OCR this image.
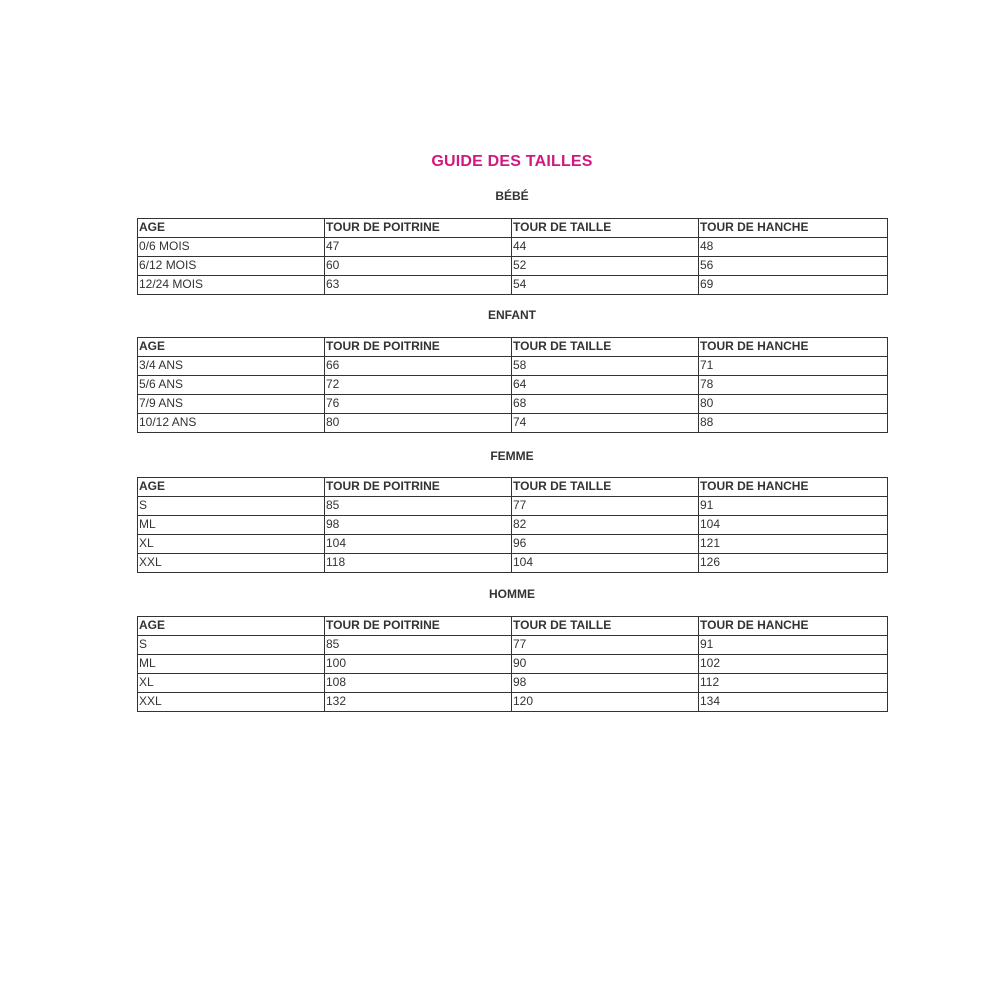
GUIDE DES TAILLES
BÉBÉ
AGE	TOUR DE POITRINE	TOUR DE TAILLE	TOUR DE HANCHE
0/6 MOIS	47	44	48
6/12 MOIS	60	52	56
12/24 MOIS	63	54	69
ENFANT
AGE	TOUR DE POITRINE	TOUR DE TAILLE	TOUR DE HANCHE
3/4 ANS	66	58	71
5/6 ANS	72	64	78
7/9 ANS	76	68	80
10/12 ANS	80	74	88
FEMME
AGE	TOUR DE POITRINE	TOUR DE TAILLE	TOUR DE HANCHE
S	85	77	91
ML	98	82	104
XL	104	96	121
XXL	118	104	126
HOMME
AGE	TOUR DE POITRINE	TOUR DE TAILLE	TOUR DE HANCHE
S	85	77	91
ML	100	90	102
XL	108	98	112
XXL	132	120	134
